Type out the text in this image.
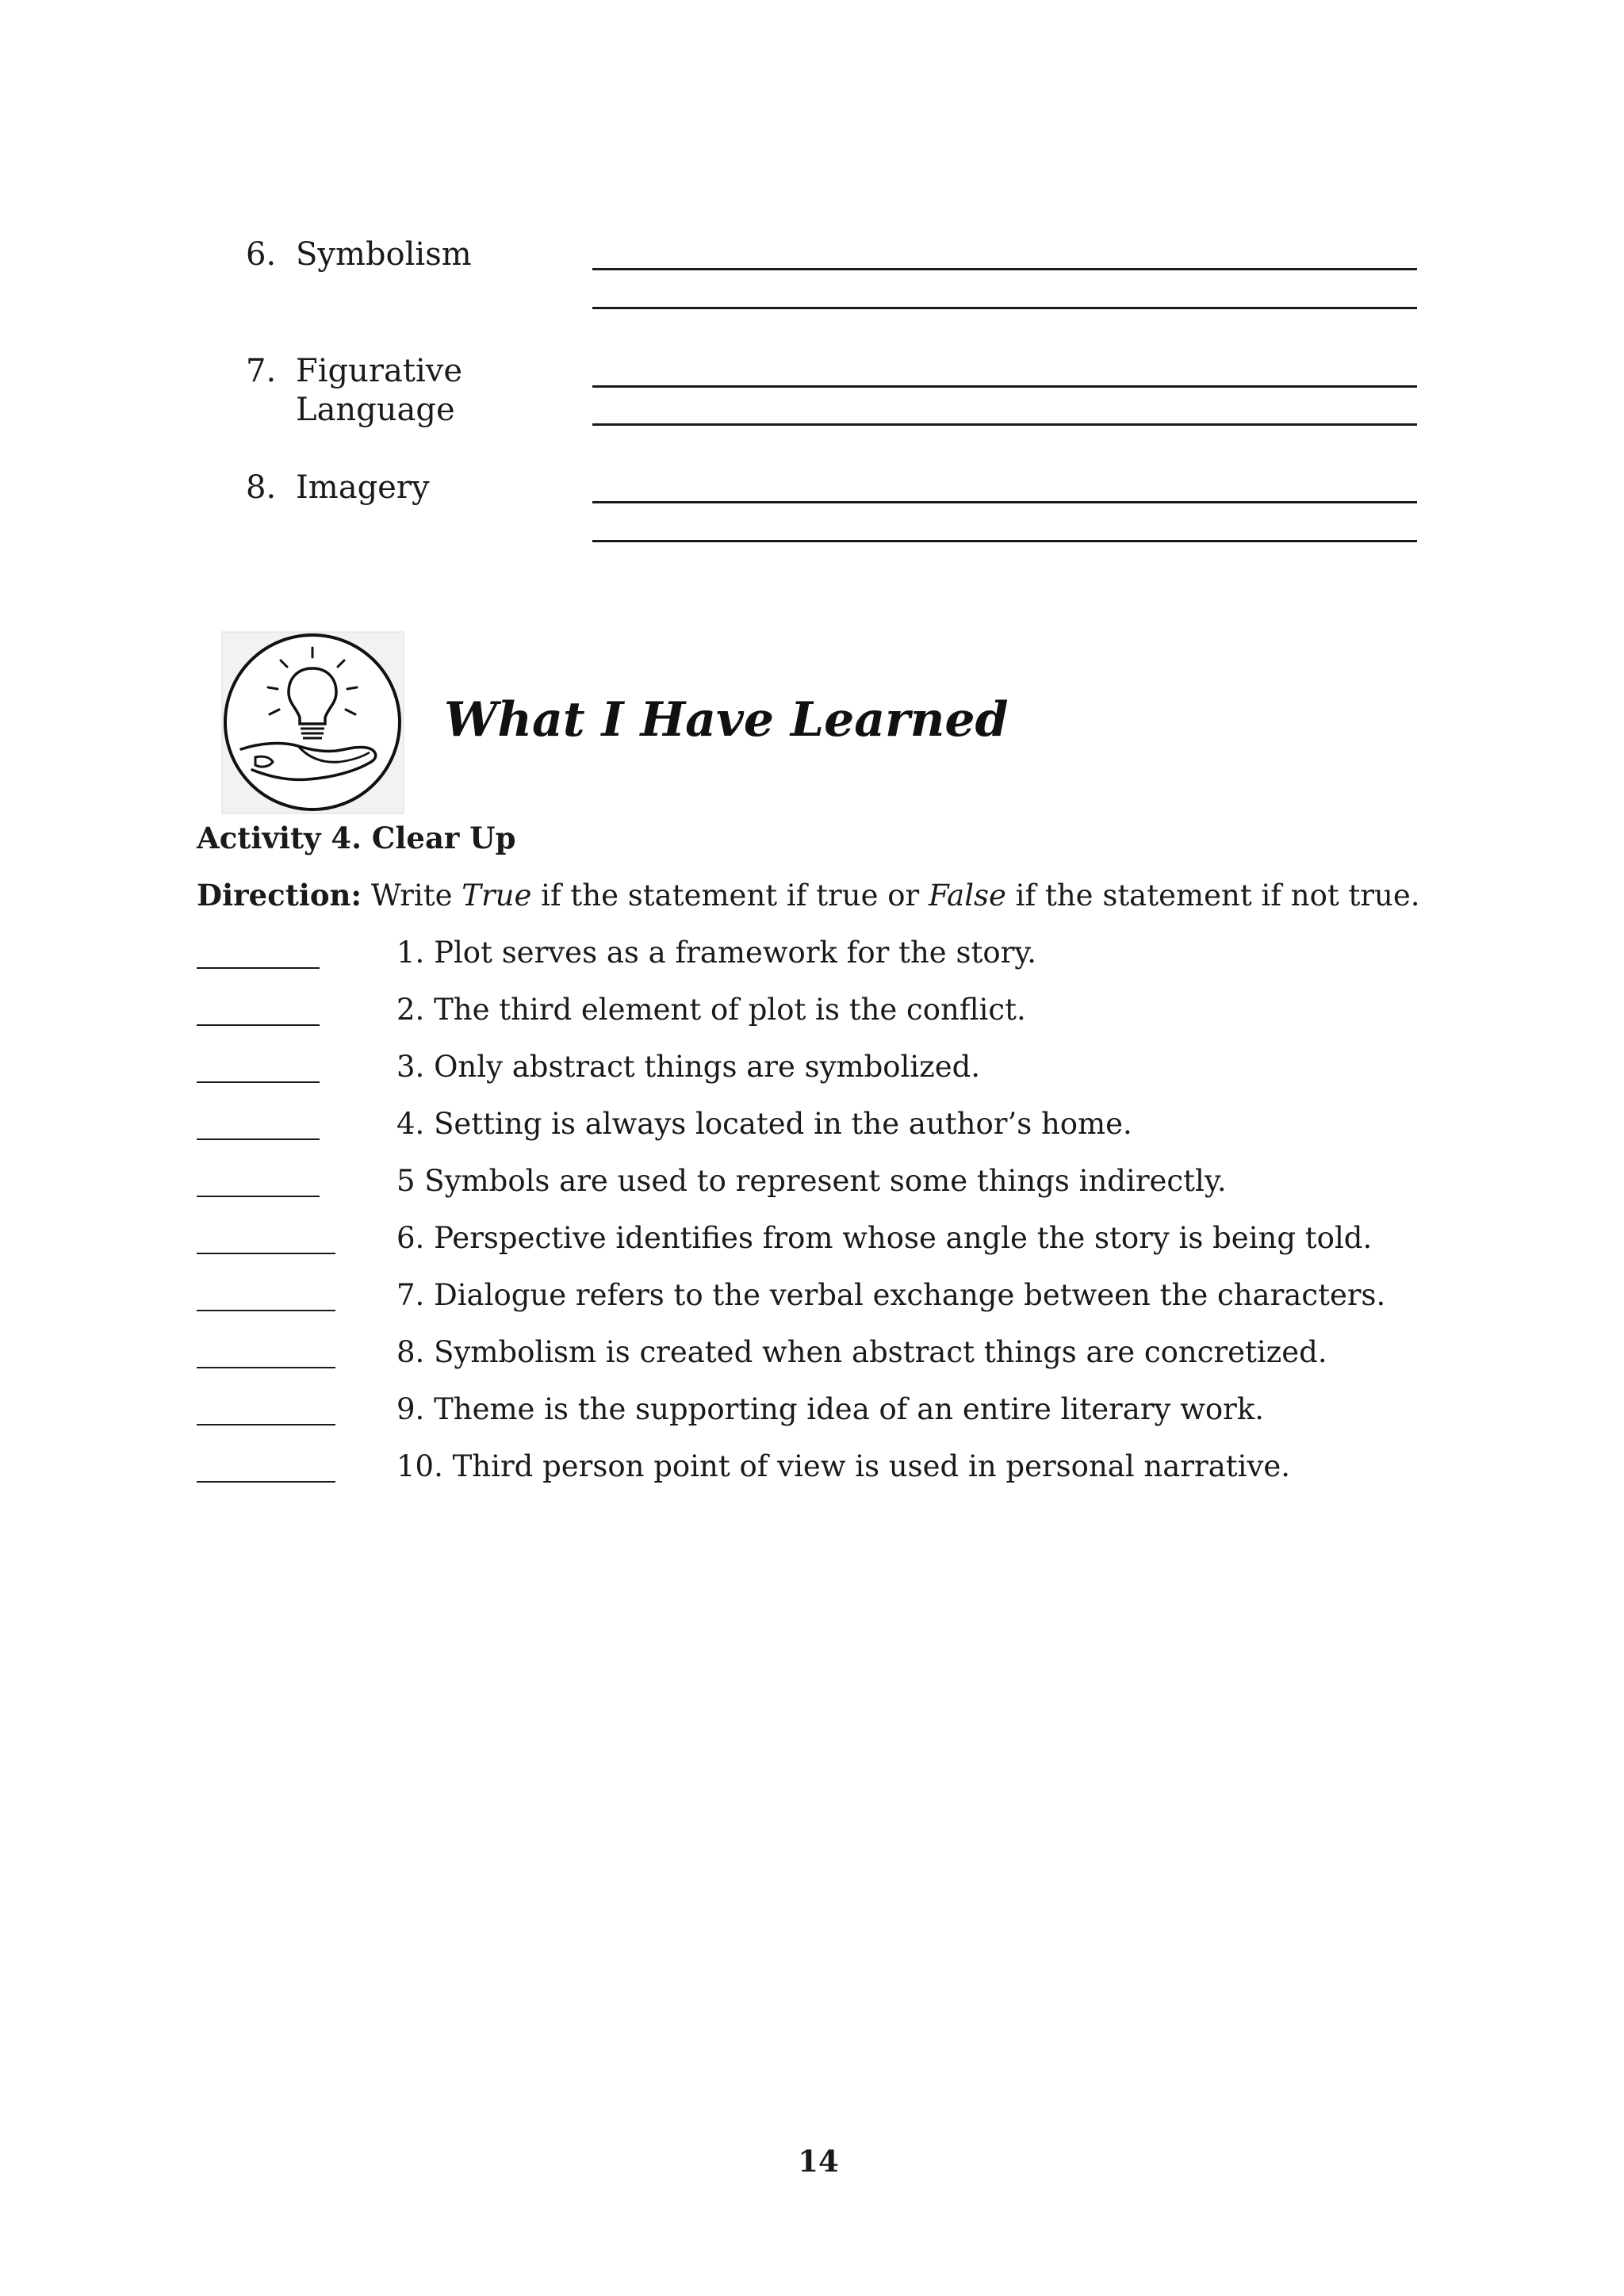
6. Symbolism
7. Figurative
Language
8. Imagery
What I Have Learned
Activity 4. Clear Up
Direction: Write True if the statement if true or False if the statement if not true.
1. Plot serves as a framework for the story.
2. The third element of plot is the conflict.
3. Only abstract things are symbolized.
4. Setting is always located in the author’s home.
5 Symbols are used to represent some things indirectly.
6. Perspective identifies from whose angle the story is being told.
7. Dialogue refers to the verbal exchange between the characters.
8. Symbolism is created when abstract things are concretized.
9. Theme is the supporting idea of an entire literary work.
10. Third person point of view is used in personal narrative.
14
